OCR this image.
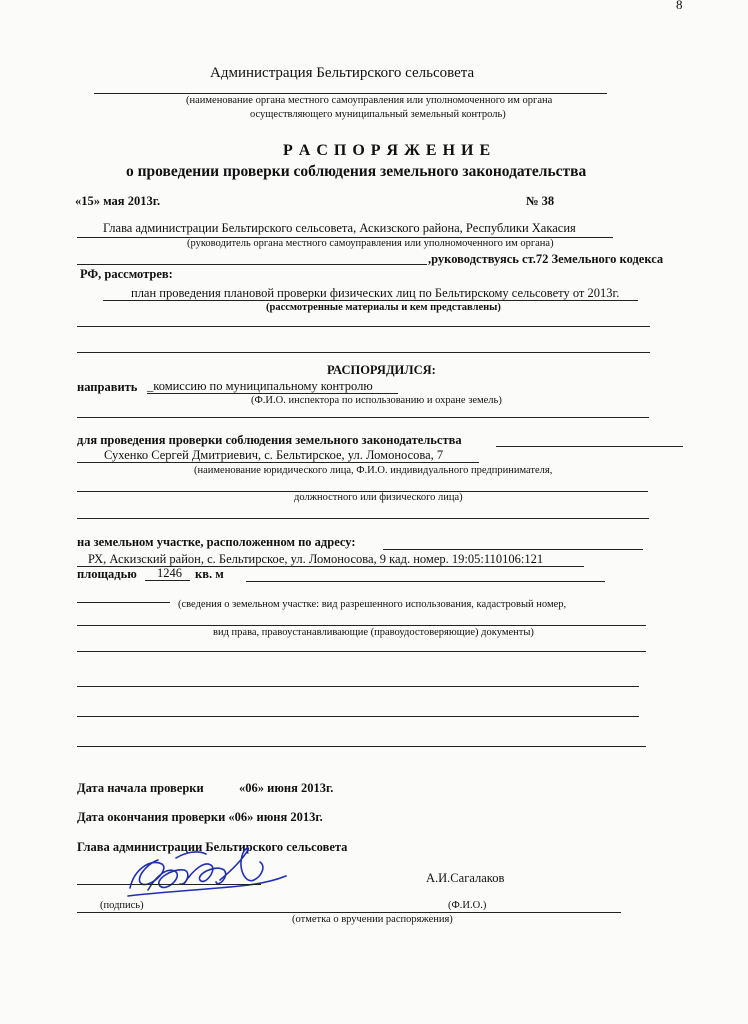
8
Администрация Бельтирского сельсовета
(наименование органа местного самоуправления или уполномоченного им органа
осуществляющего муниципальный земельный контроль)
Р А С П О Р Я Ж Е Н И Е
о проведении проверки соблюдения земельного законодательства
«15» мая 2013г.	№ 38
Глава администрации Бельтирского сельсовета, Аскизского района, Республики Хакасия
(руководитель органа местного самоуправления или уполномоченного им органа)
,руководствуясь ст.72 Земельного кодекса
РФ, рассмотрев:
план проведения плановой проверки физических лиц по Бельтирскому сельсовету от 2013г.
(рассмотренные материалы и кем представлены)
РАСПОРЯДИЛСЯ:
направить _комиссию по муниципальному контролю
(Ф.И.О. инспектора по использованию и охране земель)
для проведения проверки соблюдения земельного законодательства
Сухенко Сергей Дмитриевич, с. Бельтирское, ул. Ломоносова, 7
(наименование юридического лица, Ф.И.О. индивидуального предпринимателя,
должностного или физического лица)
на земельном участке, расположенном по адресу:
РХ, Аскизский район, с. Бельтирское, ул. Ломоносова, 9 кад. номер. 19:05:110106:121
площадью 1246 кв. м
(сведения о земельном участке: вид разрешенного использования, кадастровый номер,
вид права, правоустанавливающие (правоудостоверяющие) документы)
Дата начала проверки	«06» июня 2013г.
Дата окончания проверки «06» июня 2013г.
Глава администрации Бельтирского сельсовета
А.И.Сагалаков
(подпись)	(Ф.И.О.)
(отметка о вручении распоряжения)
